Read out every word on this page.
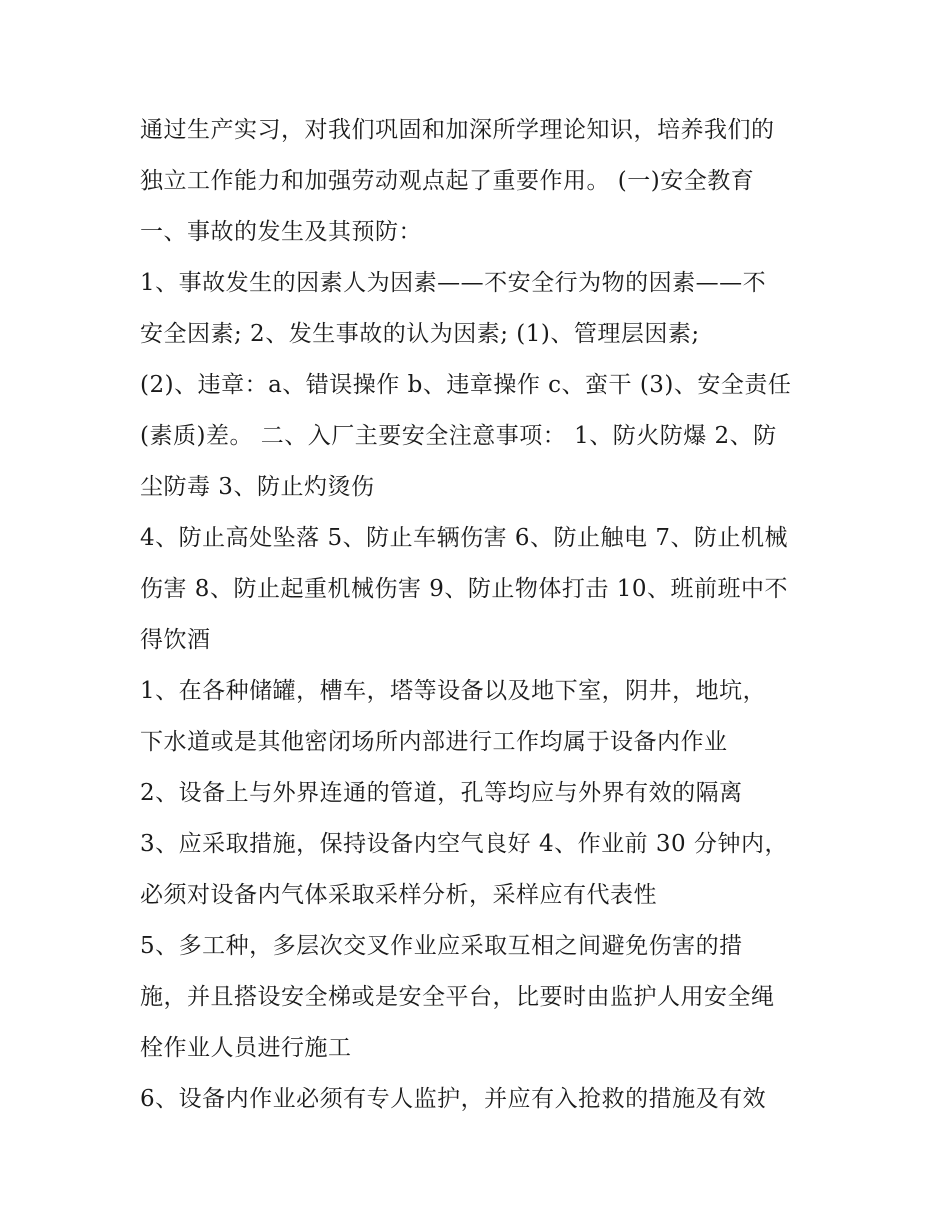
通过生产实习，对我们巩固和加深所学理论知识，培养我们的
独立工作能力和加强劳动观点起了重要作用。 (一)安全教育
一、事故的发生及其预防：
1、事故发生的因素人为因素——不安全行为物的因素——不
安全因素; 2、发生事故的认为因素; (1)、管理层因素;
(2)、违章：a、错误操作 b、违章操作 c、蛮干 (3)、安全责任
(素质)差。 二、入厂主要安全注意事项： 1、防火防爆 2、防
尘防毒 3、防止灼烫伤
4、防止高处坠落 5、防止车辆伤害 6、防止触电 7、防止机械
伤害 8、防止起重机械伤害 9、防止物体打击 10、班前班中不
得饮酒
1、在各种储罐，槽车，塔等设备以及地下室，阴井，地坑，
下水道或是其他密闭场所内部进行工作均属于设备内作业
2、设备上与外界连通的管道，孔等均应与外界有效的隔离
3、应采取措施，保持设备内空气良好 4、作业前 30 分钟内，
必须对设备内气体采取采样分析，采样应有代表性
5、多工种，多层次交叉作业应采取互相之间避免伤害的措
施，并且搭设安全梯或是安全平台，比要时由监护人用安全绳
栓作业人员进行施工
6、设备内作业必须有专人监护，并应有入抢救的措施及有效
